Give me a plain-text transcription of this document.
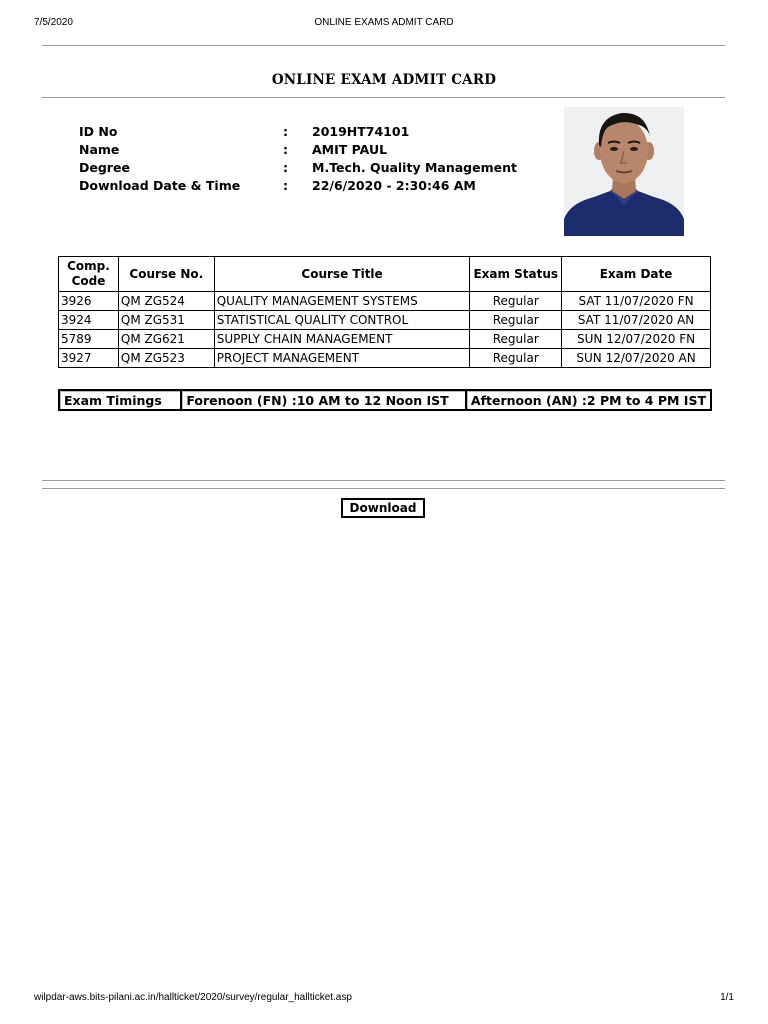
7/5/2020	ONLINE EXAMS ADMIT CARD
ONLINE EXAM ADMIT CARD
ID No	:	2019HT74101
Name	:	AMIT PAUL
Degree	:	M.Tech. Quality Management
Download Date & Time	:	22/6/2020 - 2:30:46 AM
Comp.
Code	Course No.	Course Title	Exam Status	Exam Date
3926	QM ZG524	QUALITY MANAGEMENT SYSTEMS	Regular	SAT 11/07/2020 FN
3924	QM ZG531	STATISTICAL QUALITY CONTROL	Regular	SAT 11/07/2020 AN
5789	QM ZG621	SUPPLY CHAIN MANAGEMENT	Regular	SUN 12/07/2020 FN
3927	QM ZG523	PROJECT MANAGEMENT	Regular	SUN 12/07/2020 AN
Exam Timings	Forenoon (FN) :10 AM to 12 Noon IST	Afternoon (AN) :2 PM to 4 PM IST
Download
wilpdar-aws.bits-pilani.ac.in/hallticket/2020/survey/regular_hallticket.asp	1/1
